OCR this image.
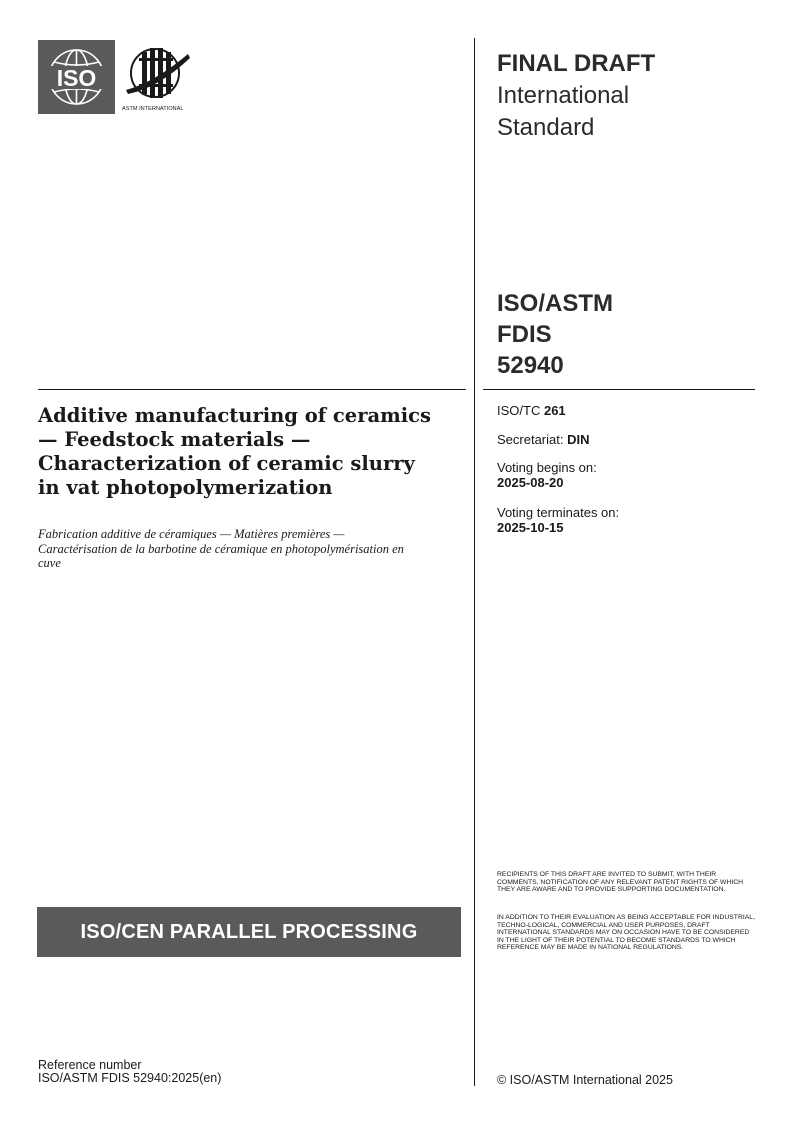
ISO
ASTM INTERNATIONAL
FINAL DRAFT
International
Standard
ISO/ASTM
FDIS
52940
Additive manufacturing of ceramics — Feedstock materials — Characterization of ceramic slurry in vat photopolymerization
Fabrication additive de céramiques — Matières premières — Caractérisation de la barbotine de céramique en photopolymérisation en cuve
ISO/TC 261
Secretariat: DIN
Voting begins on:
2025-08-20
Voting terminates on:
2025-10-15
ISO/CEN PARALLEL PROCESSING
RECIPIENTS OF THIS DRAFT ARE INVITED TO SUBMIT, WITH THEIR COMMENTS, NOTIFICATION OF ANY RELEVANT PATENT RIGHTS OF WHICH THEY ARE AWARE AND TO PROVIDE SUPPORTING DOCUMENTATION.
IN ADDITION TO THEIR EVALUATION AS BEING ACCEPTABLE FOR INDUSTRIAL, TECHNO-LOGICAL, COMMERCIAL AND USER PURPOSES, DRAFT INTERNATIONAL STANDARDS MAY ON OCCASION HAVE TO BE CONSIDERED IN THE LIGHT OF THEIR POTENTIAL TO BECOME STANDARDS TO WHICH REFERENCE MAY BE MADE IN NATIONAL REGULATIONS.
Reference number
ISO/ASTM FDIS 52940:2025(en)	© ISO/ASTM International 2025
